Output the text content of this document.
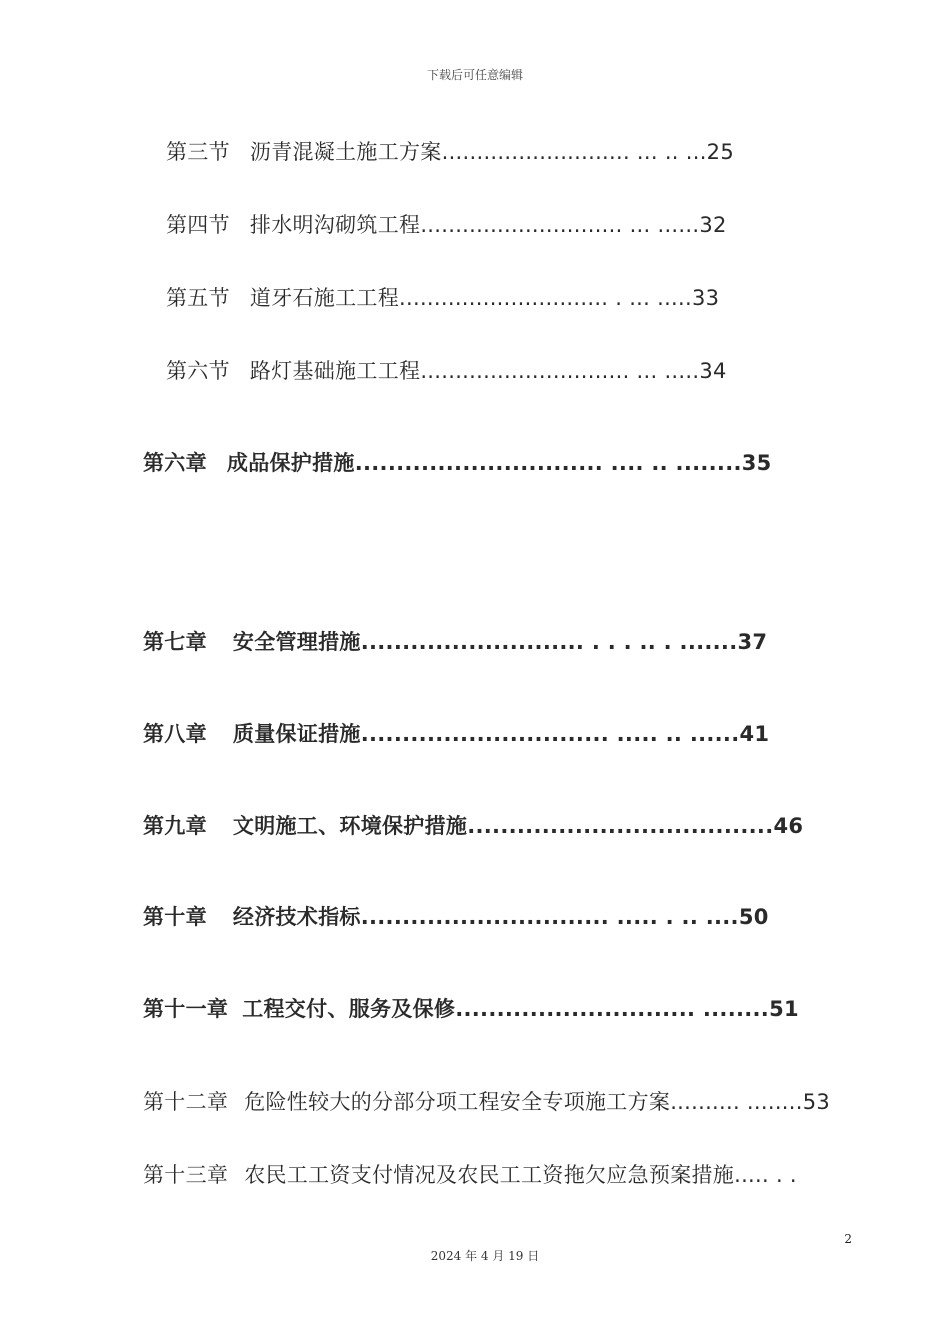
下载后可任意编辑
第三节 沥青混凝土施工方案........................... ... .. ...25
第四节 排水明沟砌筑工程............................. ... ......32
第五节 道牙石施工工程.............................. . ... .....33
第六节 路灯基础施工工程.............................. ... .....34
第六章 成品保护措施.............................. .... .. ........35
第七章 安全管理措施........................... . . . .. . .......37
第八章 质量保证措施.............................. ..... .. ......41
第九章 文明施工、环境保护措施.....................................46
第十章 经济技术指标.............................. ..... . .. ....50
第十一章 工程交付、服务及保修............................. ........51
第十二章 危险性较大的分部分项工程安全专项施工方案.......... ........53
第十三章 农民工工资支付情况及农民工工资拖欠应急预案措施..... . .
2
2024 年 4 月 19 日
